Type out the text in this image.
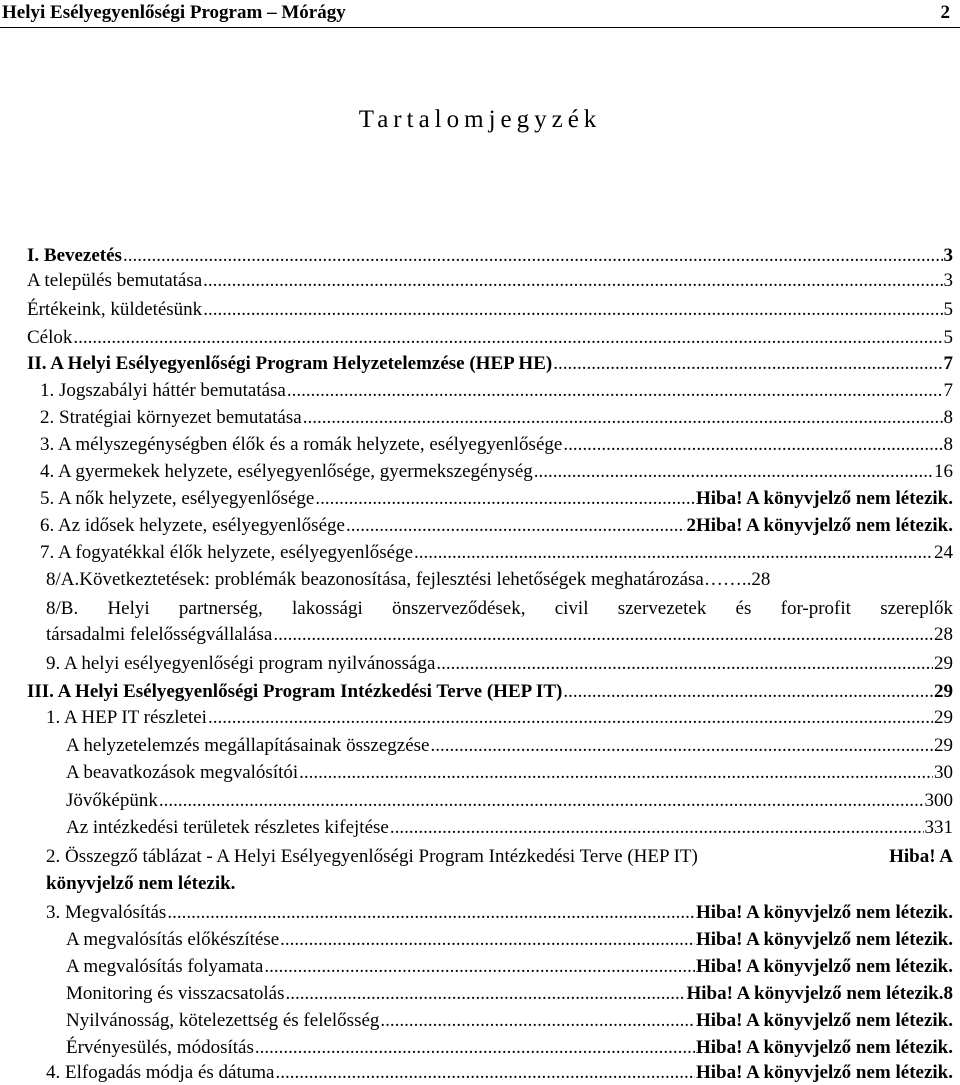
Helyi Esélyegyenlőségi Program – Mórágy	2
Tartalomjegyzék
I. Bevezetés .....	3
A település bemutatása .....	3
Értékeink, küldetésünk .....	5
Célok .....	5
II. A Helyi Esélyegyenlőségi Program Helyzetelemzése (HEP HE) .....	7
1. Jogszabályi háttér bemutatása .....	7
2. Stratégiai környezet bemutatása .....	8
3. A mélyszegénységben élők és a romák helyzete, esélyegyenlősége .....	8
4. A gyermekek helyzete, esélyegyenlősége, gyermekszegénység .....	16
5. A nők helyzete, esélyegyenlősége .....	Hiba! A könyvjelző nem létezik.
6. Az idősek helyzete, esélyegyenlősége .....	2Hiba! A könyvjelző nem létezik.
7. A fogyatékkal élők helyzete, esélyegyenlősége .....	24
8/A.Következtetések: problémák beazonosítása, fejlesztési lehetőségek meghatározása……..28
8/B. Helyi partnerség, lakossági önszerveződések, civil szervezetek és for-profit szereplők
társadalmi felelősségvállalása .....	28
9. A helyi esélyegyenlőségi program nyilvánossága .....	29
III. A Helyi Esélyegyenlőségi Program Intézkedési Terve (HEP IT) .....	29
1. A HEP IT részletei .....	29
A helyzetelemzés megállapításainak összegzése .....	29
A beavatkozások megvalósítói .....	30
Jövőképünk .....	300
Az intézkedési területek részletes kifejtése .....	331
2. Összegző táblázat - A Helyi Esélyegyenlőségi Program Intézkedési Terve (HEP IT)	Hiba! A
könyvjelző nem létezik.
3. Megvalósítás .....	Hiba! A könyvjelző nem létezik.
A megvalósítás előkészítése .....	Hiba! A könyvjelző nem létezik.
A megvalósítás folyamata .....	Hiba! A könyvjelző nem létezik.
Monitoring és visszacsatolás .....	Hiba! A könyvjelző nem létezik.8
Nyilvánosság, kötelezettség és felelősség .....	Hiba! A könyvjelző nem létezik.
Érvényesülés, módosítás .....	Hiba! A könyvjelző nem létezik.
4. Elfogadás módja és dátuma .....	Hiba! A könyvjelző nem létezik.
